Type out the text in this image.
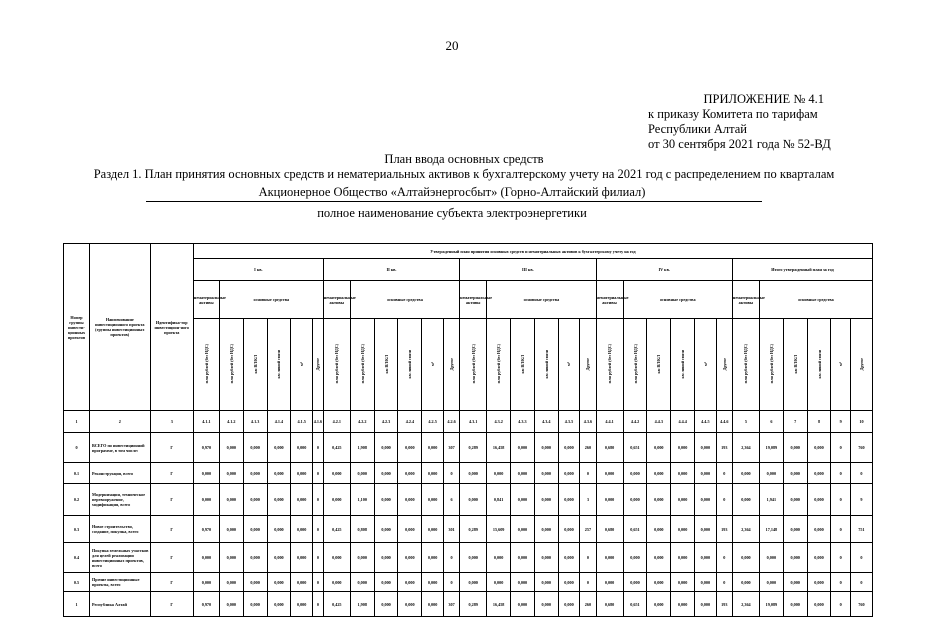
20
ПРИЛОЖЕНИЕ № 4.1
к приказу Комитета по тарифам
Республики Алтай
от 30 сентября 2021 года № 52-ВД
План ввода основных средств
Раздел 1. План принятия основных средств и нематериальных активов к бухгалтерскому учету на 2021 год с распределением по кварталам
Акционерное Общество «Алтайэнергосбыт» (Горно-Алтайский филиал)
полное наименование субъекта электроэнергетики
Номер группы инвести-ционных проектов	Наименование инвестиционного проекта (группы инвестиционных проектов)	Идентифика-тор инвестицион-ного проекта	Утвержденный план принятия основных средств и нематериальных активов к бухгалтерскому учету на год																													
			I кв.						II кв.						III кв.						IV кв.						Итого утвержденный план за год					
			нематериальные активы	основные средства					нематериальные активы	основные средства					нематериальные активы	основные средства					нематериальные активы	основные средства					нематериальные активы	основные средства				
			млн рублей (без НДС)	млн рублей (без НДС)	км ВЛ/КЛ	км линий связи	м²	Другое	млн рублей (без НДС)	млн рублей (без НДС)	км ВЛ/КЛ	км линий связи	м²	Другое	млн рублей (без НДС)	млн рублей (без НДС)	км ВЛ/КЛ	км линий связи	м²	Другое	млн рублей (без НДС)	млн рублей (без НДС)	км ВЛ/КЛ	км линий связи	м²	Другое	млн рублей (без НДС)	млн рублей (без НДС)	км ВЛ/КЛ	км линий связи	м²	Другое
1	2	3	4.1.1	4.1.2	4.1.3	4.1.4	4.1.5	4.1.6	4.2.1	4.2.2	4.2.3	4.2.4	4.2.5	4.2.6	4.3.1	4.3.2	4.3.3	4.3.4	4.3.5	4.3.6	4.4.1	4.4.2	4.4.3	4.4.4	4.4.5	4.4.6	5	6	7	8	9	10
0	ВСЕГО по инвестиционной программе, в том числе:	Г	0,970	0,000	0,000	0,000	0,000	0	0,425	1,908	0,000	0,000	0,000	307	0,289	16,458	0,000	0,000	0,000	260	0,680	0,651	0,000	0,000	0,000	193	2,364	19,089	0,000	0,000	0	760
0.1	Реконструкция, всего	Г	0,000	0,000	0,000	0,000	0,000	0	0,000	0,000	0,000	0,000	0,000	0	0,000	0,000	0,000	0,000	0,000	0	0,000	0,000	0,000	0,000	0,000	0	0,000	0,000	0,000	0,000	0	0
0.2	Модернизация, техническое перевооружение, модификация, всего	Г	0,000	0,000	0,000	0,000	0,000	0	0,000	1,100	0,000	0,000	0,000	6	0,000	0,841	0,000	0,000	0,000	3	0,000	0,000	0,000	0,000	0,000	0	0,000	1,941	0,000	0,000	0	9
0.3	Новое строительство, создание, покупка, всего	Г	0,970	0,000	0,000	0,000	0,000	0	0,425	0,808	0,000	0,000	0,000	301	0,289	15,609	0,000	0,000	0,000	257	0,680	0,651	0,000	0,000	0,000	193	2,364	17,148	0,000	0,000	0	751
0.4	Покупка земельных участков для целей реализации инвестиционных проектов, всего	Г	0,000	0,000	0,000	0,000	0,000	0	0,000	0,000	0,000	0,000	0,000	0	0,000	0,000	0,000	0,000	0,000	0	0,000	0,000	0,000	0,000	0,000	0	0,000	0,000	0,000	0,000	0	0
0.5	Прочие инвестиционные проекты, всего	Г	0,000	0,000	0,000	0,000	0,000	0	0,000	0,000	0,000	0,000	0,000	0	0,000	0,000	0,000	0,000	0,000	0	0,000	0,000	0,000	0,000	0,000	0	0,000	0,000	0,000	0,000	0	0
1	Республика Алтай	Г	0,970	0,000	0,000	0,000	0,000	0	0,425	1,908	0,000	0,000	0,000	307	0,289	16,458	0,000	0,000	0,000	260	0,680	0,651	0,000	0,000	0,000	193	2,364	19,089	0,000	0,000	0	760
